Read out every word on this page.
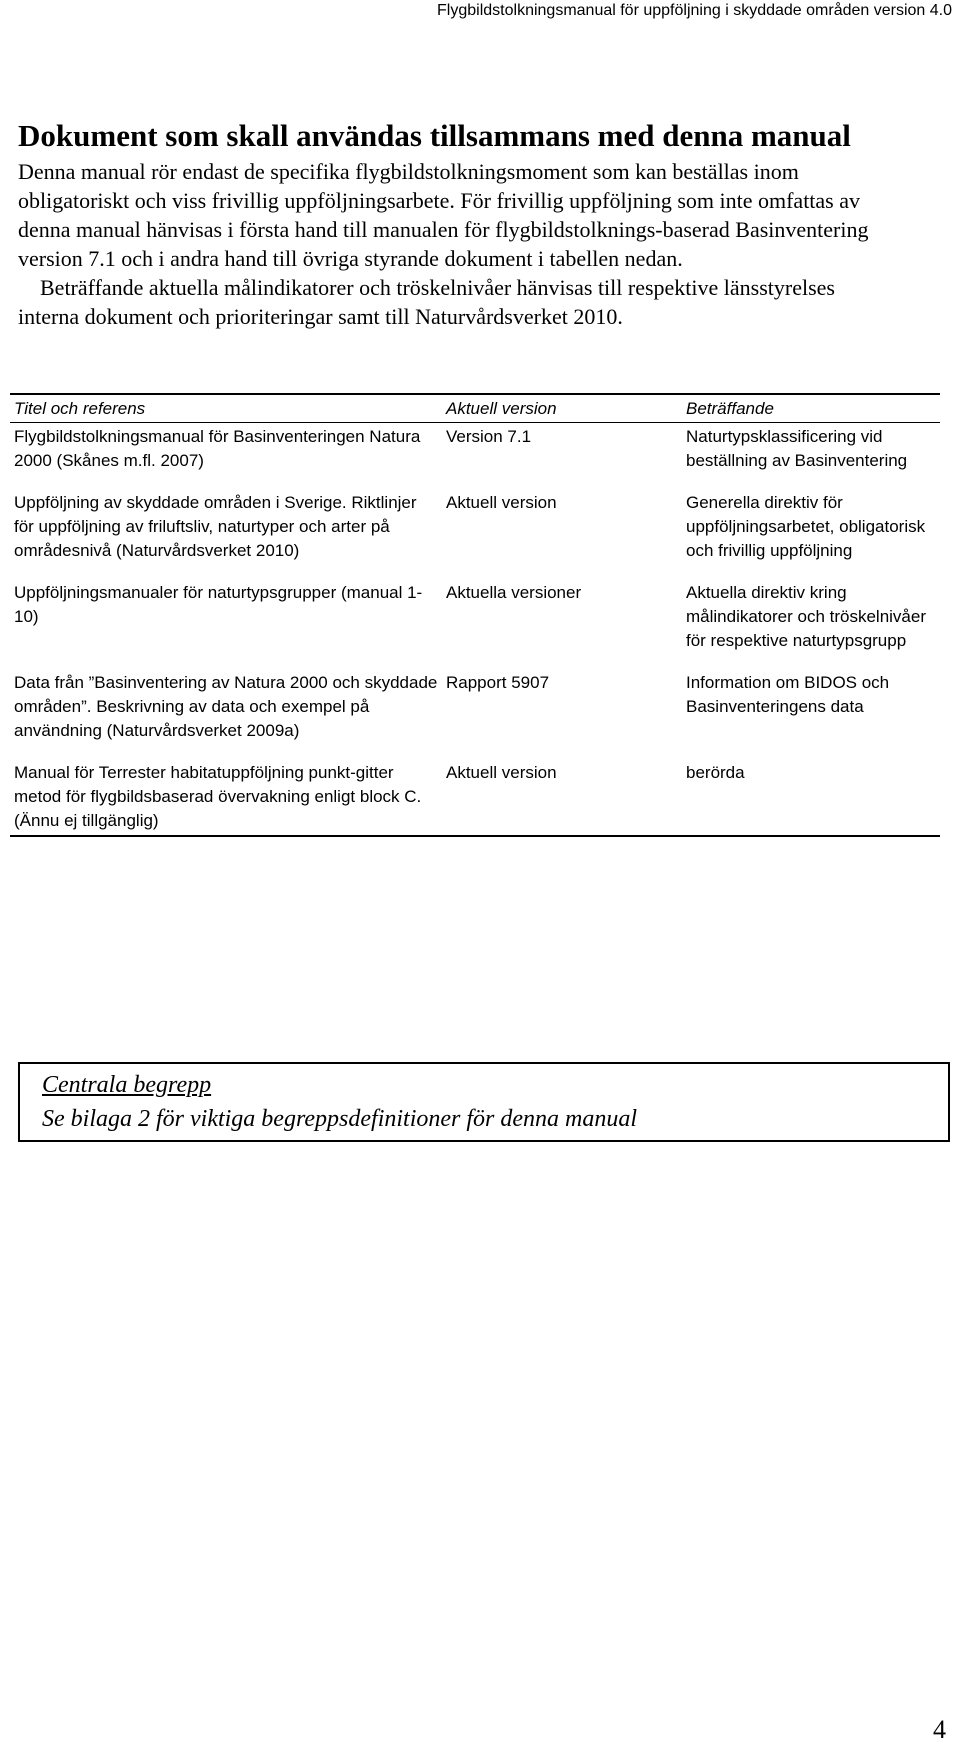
Flygbildstolkningsmanual för uppföljning i skyddade områden version 4.0
Dokument som skall användas tillsammans med denna manual

Denna manual rör endast de specifika flygbildstolkningsmoment som kan beställas inom obligatoriskt och viss frivillig uppföljningsarbete. För frivillig uppföljning som inte omfattas av denna manual hänvisas i första hand till manualen för flygbildstolknings-baserad Basinventering version 7.1 och i andra hand till övriga styrande dokument i tabellen nedan.

Beträffande aktuella målindikatorer och tröskelnivåer hänvisas till respektive länsstyrelses interna dokument och prioriteringar samt till Naturvårdsverket 2010.

Titel och referens	Aktuell version	Beträffande
Flygbildstolkningsmanual för Basinventeringen Natura 2000 (Skånes m.fl. 2007)	Version 7.1	Naturtypsklassificering vid beställning av Basinventering
Uppföljning av skyddade områden i Sverige. Riktlinjer för uppföljning av friluftsliv, naturtyper och arter på områdesnivå (Naturvårdsverket 2010)	Aktuell version	Generella direktiv för uppföljningsarbetet, obligatorisk och frivillig uppföljning
Uppföljningsmanualer för naturtypsgrupper (manual 1-10)	Aktuella versioner	Aktuella direktiv kring målindikatorer och tröskelnivåer för respektive naturtypsgrupp
Data från ”Basinventering av Natura 2000 och skyddade områden”. Beskrivning av data och exempel på användning (Naturvårdsverket 2009a)	Rapport 5907	Information om BIDOS och Basinventeringens data
Manual för Terrester habitatuppföljning punkt-gitter metod för flygbildsbaserad övervakning enligt block C. (Ännu ej tillgänglig)	Aktuell version	berörda
Centrala begrepp
Se bilaga 2 för viktiga begreppsdefinitioner för denna manual
4
